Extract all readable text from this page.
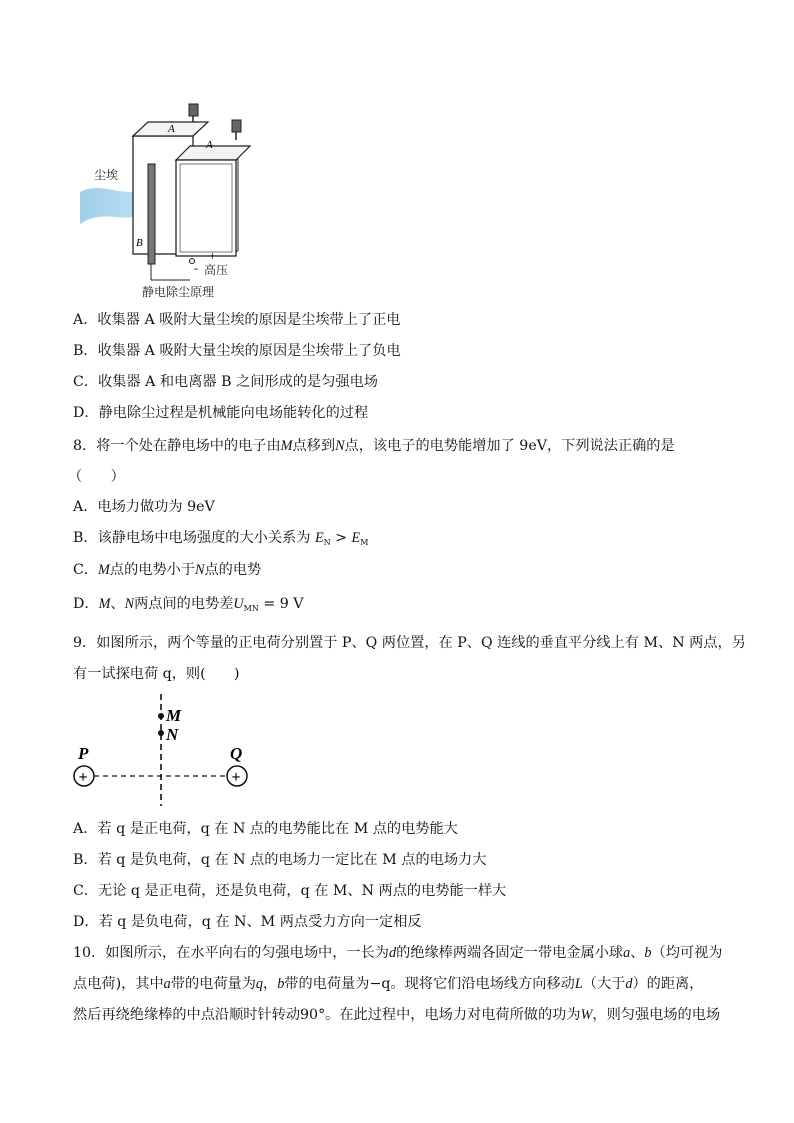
A
A
B
-
+
尘埃
高压
静电除尘原理
A．收集器 A 吸附大量尘埃的原因是尘埃带上了正电
B．收集器 A 吸附大量尘埃的原因是尘埃带上了负电
C．收集器 A 和电离器 B 之间形成的是匀强电场
D．静电除尘过程是机械能向电场能转化的过程
8．将一个处在静电场中的电子由M点移到N点，该电子的电势能增加了 9eV，下列说法正确的是
（　　）
A．电场力做功为 9eV
B．该静电场中电场强度的大小关系为 $E_N > E_M$
C．M点的电势小于N点的电势
D．M、N两点间的电势差$U_{MN} = 9$ V
9．如图所示，两个等量的正电荷分别置于 P、Q 两位置，在 P、Q 连线的垂直平分线上有 M、N 两点，另
有一试探电荷 q，则(　　)
+	+
M
N
P	Q
A．若 q 是正电荷，q 在 N 点的电势能比在 M 点的电势能大
B．若 q 是负电荷，q 在 N 点的电场力一定比在 M 点的电场力大
C．无论 q 是正电荷，还是负电荷，q 在 M、N 两点的电势能一样大
D．若 q 是负电荷，q 在 N、M 两点受力方向一定相反
10．如图所示，在水平向右的匀强电场中，一长为d的绝缘棒两端各固定一带电金属小球a、b（均可视为
点电荷)，其中a带的电荷量为q，b带的电荷量为−q。现将它们沿电场线方向移动L（大于d）的距离，
然后再绕绝缘棒的中点沿顺时针转动90°。在此过程中，电场力对电荷所做的功为W，则匀强电场的电场
